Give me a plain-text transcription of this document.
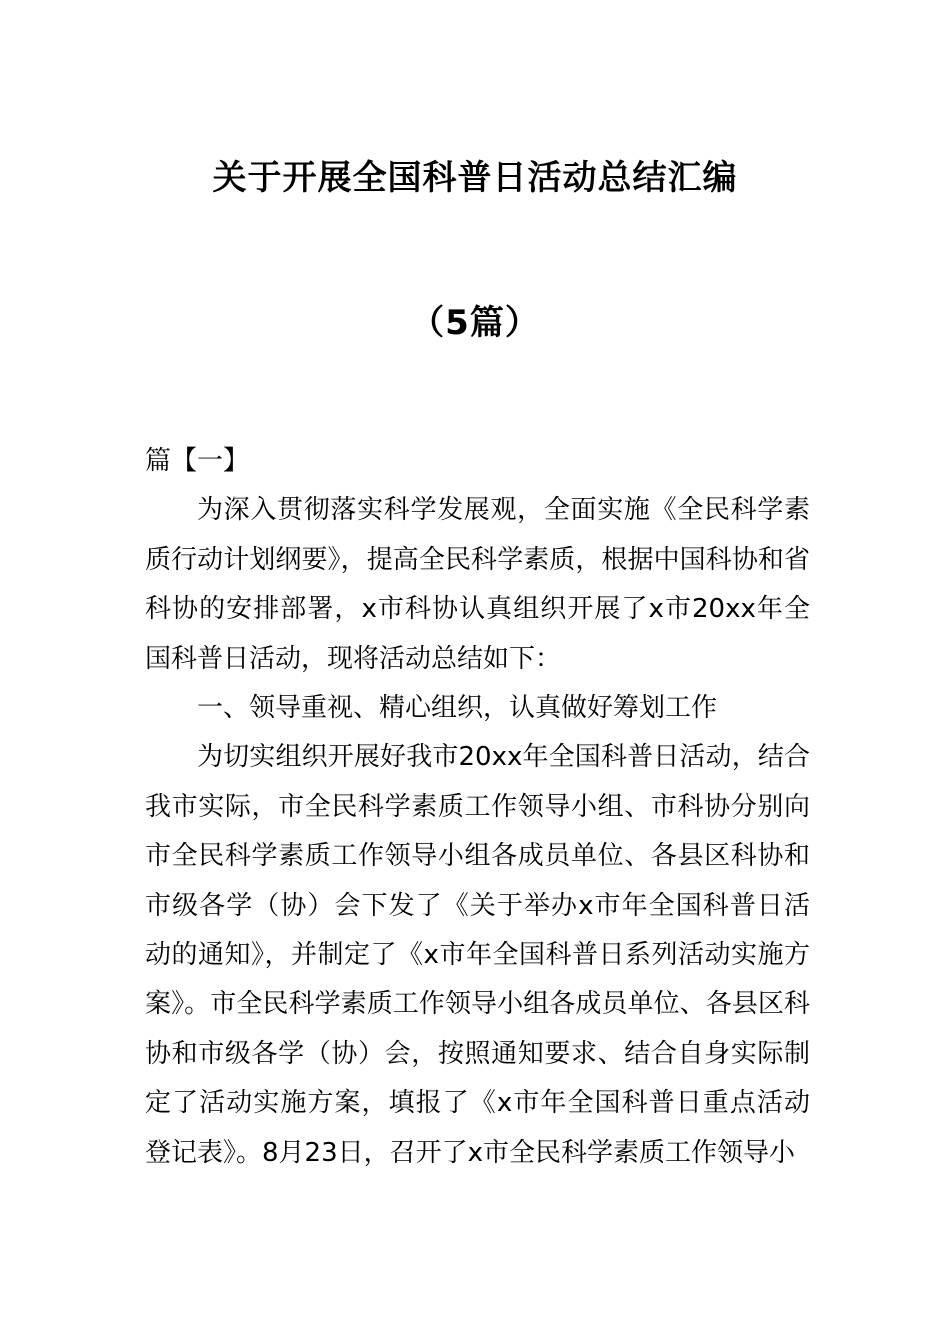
关于开展全国科普日活动总结汇编
（5篇）

篇【一】

为深入贯彻落实科学发展观，全面实施《全民科学素质行动计划纲要》，提高全民科学素质，根据中国科协和省科协的安排部署，x市科协认真组织开展了x市20xx年全国科普日活动，现将活动总结如下：

一、领导重视、精心组织，认真做好筹划工作

为切实组织开展好我市20xx年全国科普日活动，结合我市实际，市全民科学素质工作领导小组、市科协分别向市全民科学素质工作领导小组各成员单位、各县区科协和市级各学（协）会下发了《关于举办x市年全国科普日活动的通知》，并制定了《x市年全国科普日系列活动实施方案》。市全民科学素质工作领导小组各成员单位、各县区科协和市级各学（协）会，按照通知要求、结合自身实际制定了活动实施方案，填报了《x市年全国科普日重点活动登记表》。8月23日，召开了x市全民科学素质工作领导小
